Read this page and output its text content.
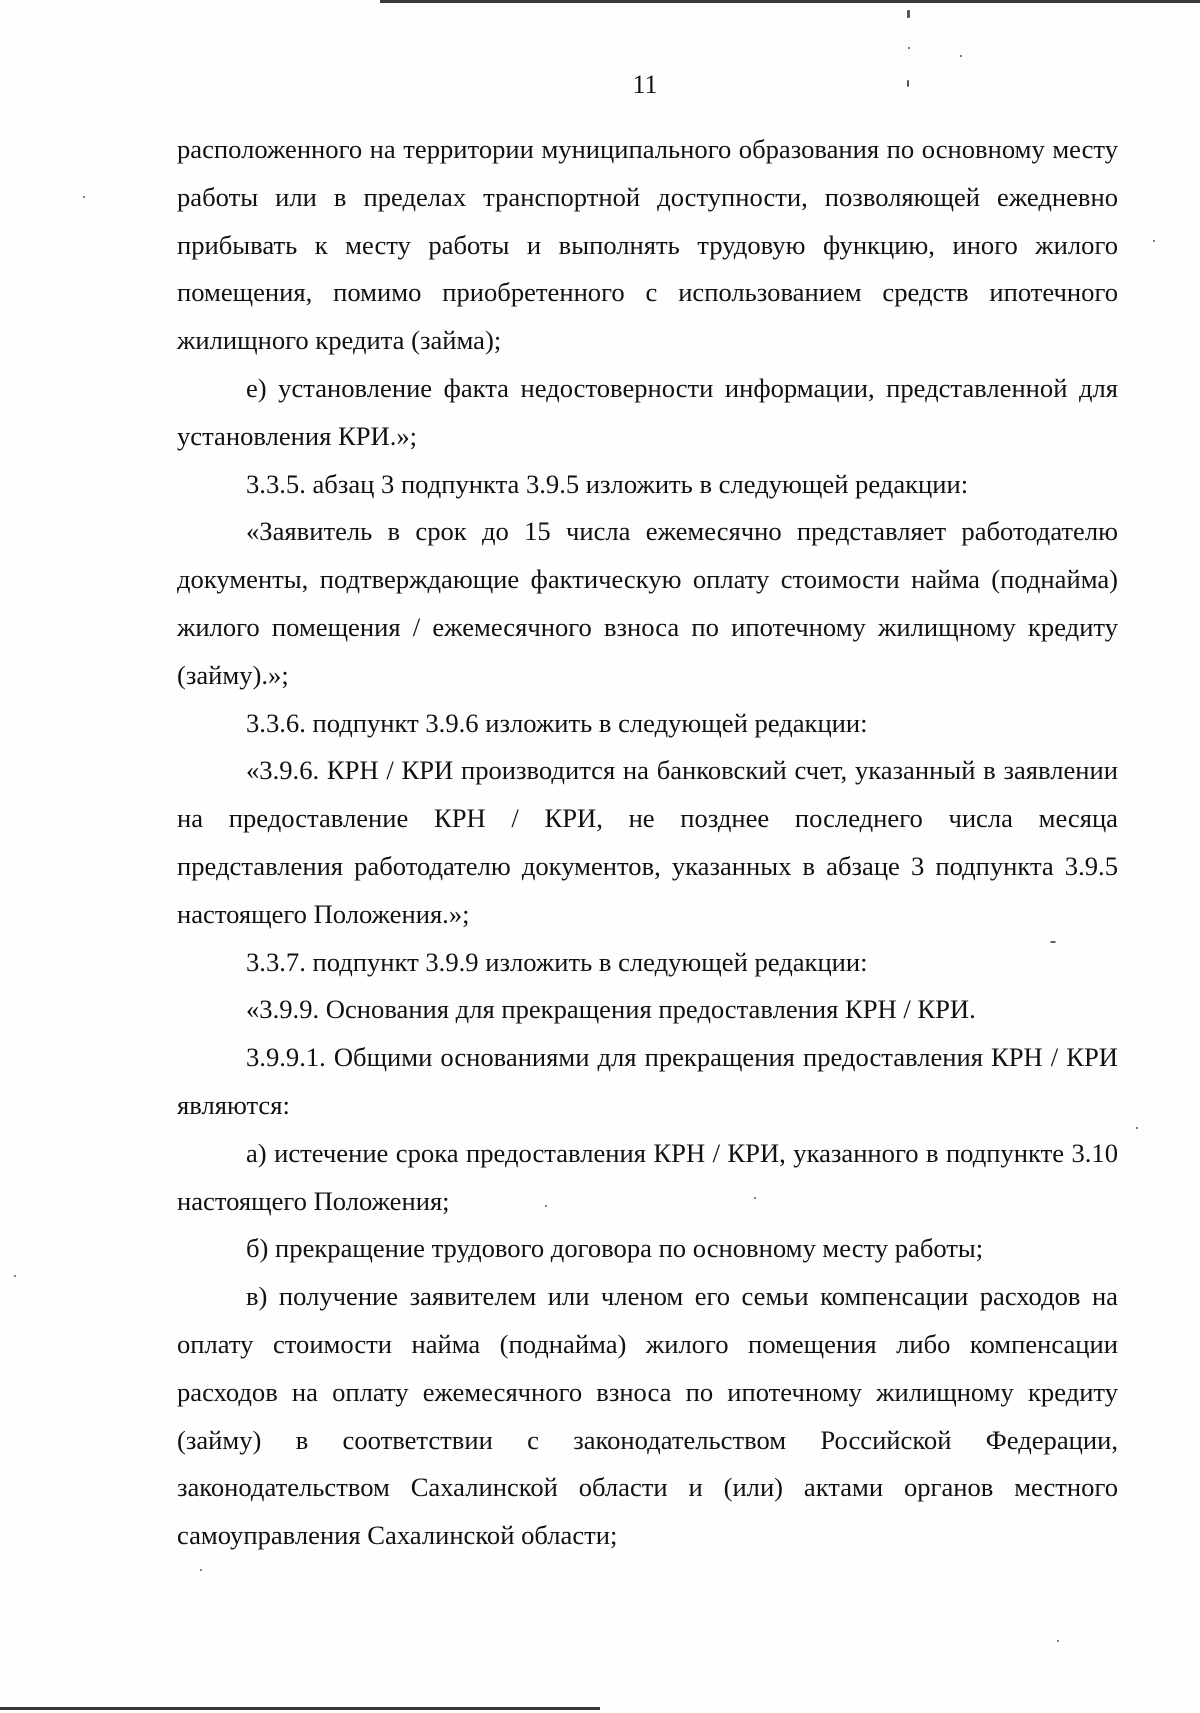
11

расположенного на территории муниципального образования по основному месту работы или в пределах транспортной доступности, позволяющей ежедневно прибывать к месту работы и выполнять трудовую функцию, иного жилого помещения, помимо приобретенного с использованием средств ипотечного жилищного кредита (займа);

е) установление факта недостоверности информации, представленной для установления КРИ.»;

3.3.5. абзац 3 подпункта 3.9.5 изложить в следующей редакции:

«Заявитель в срок до 15 числа ежемесячно представляет работодателю документы, подтверждающие фактическую оплату стоимости найма (поднайма) жилого помещения / ежемесячного взноса по ипотечному жилищному кредиту (займу).»;

3.3.6. подпункт 3.9.6 изложить в следующей редакции:

«3.9.6. КРН / КРИ производится на банковский счет, указанный в заявлении на предоставление КРН / КРИ, не позднее последнего числа месяца представления работодателю документов, указанных в абзаце 3 подпункта 3.9.5 настоящего Положения.»;

3.3.7. подпункт 3.9.9 изложить в следующей редакции:

«3.9.9. Основания для прекращения предоставления КРН / КРИ.

3.9.9.1. Общими основаниями для прекращения предоставления КРН / КРИ являются:

а) истечение срока предоставления КРН / КРИ, указанного в подпункте 3.10 настоящего Положения;

б) прекращение трудового договора по основному месту работы;

в) получение заявителем или членом его семьи компенсации расходов на оплату стоимости найма (поднайма) жилого помещения либо компенсации расходов на оплату ежемесячного взноса по ипотечному жилищному кредиту (займу) в соответствии с законодательством Российской Федерации, законодательством Сахалинской области и (или) актами органов местного самоуправления Сахалинской области;
